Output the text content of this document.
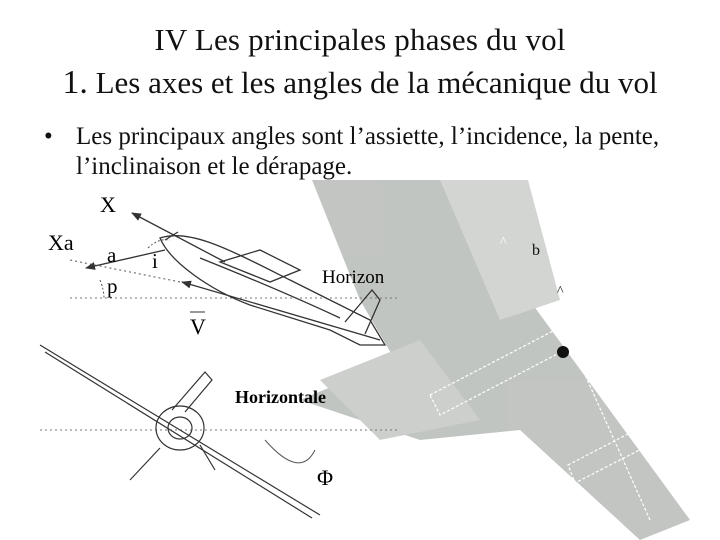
IV Les principales phases du vol
1. Les axes et les angles de la mécanique du vol
• Les principaux angles sont l’assiette, l’incidence, la pente, l’inclinaison et le dérapage.
X
Xa a i
p
V
Horizon
Horizontale
Φ
b
V
^
^
^
